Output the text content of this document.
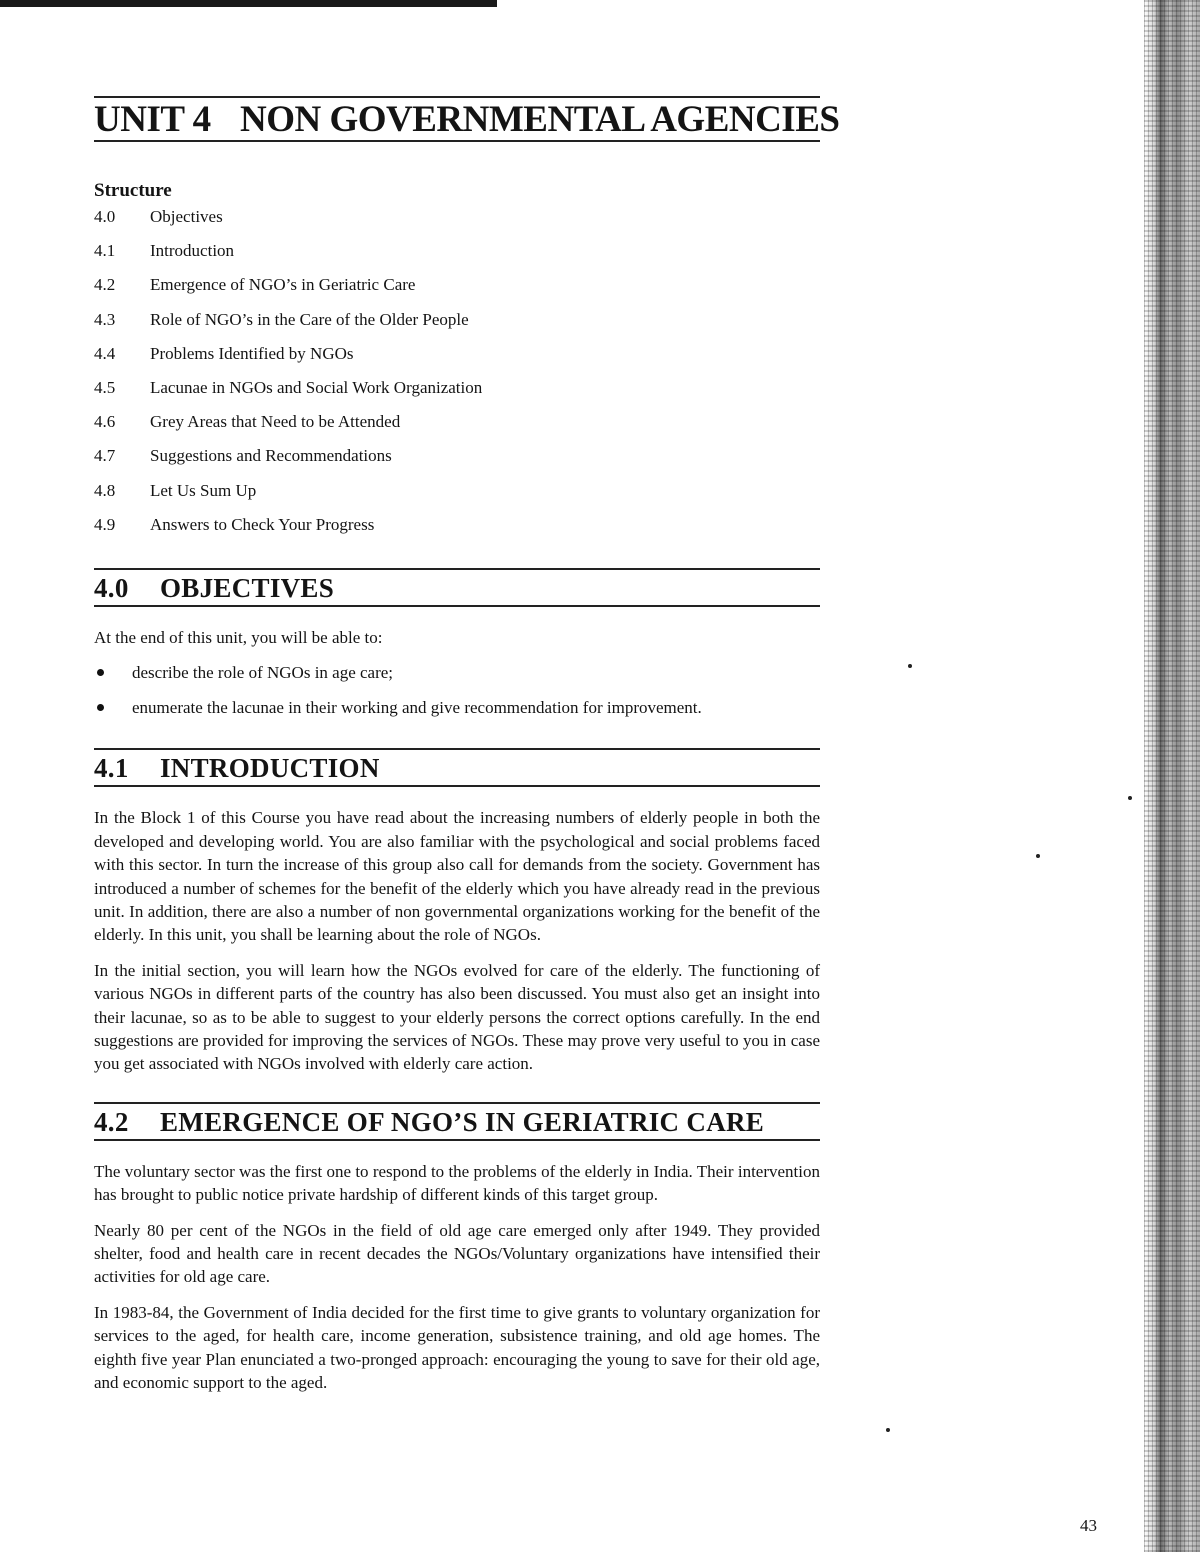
UNIT 4 NON GOVERNMENTAL AGENCIES
Structure
4.0 Objectives
4.1 Introduction
4.2 Emergence of NGO’s in Geriatric Care
4.3 Role of NGO’s in the Care of the Older People
4.4 Problems Identified by NGOs
4.5 Lacunae in NGOs and Social Work Organization
4.6 Grey Areas that Need to be Attended
4.7 Suggestions and Recommendations
4.8 Let Us Sum Up
4.9 Answers to Check Your Progress
4.0 OBJECTIVES

At the end of this unit, you will be able to:

describe the role of NGOs in age care;
enumerate the lacunae in their working and give recommendation for improvement.
4.1 INTRODUCTION

In the Block 1 of this Course you have read about the increasing numbers of elderly people in both the developed and developing world. You are also familiar with the psychological and social problems faced with this sector. In turn the increase of this group also call for demands from the society. Government has introduced a number of schemes for the benefit of the elderly which you have already read in the previous unit. In addition, there are also a number of non governmental organizations working for the benefit of the elderly. In this unit, you shall be learning about the role of NGOs.

In the initial section, you will learn how the NGOs evolved for care of the elderly. The functioning of various NGOs in different parts of the country has also been discussed. You must also get an insight into their lacunae, so as to be able to suggest to your elderly persons the correct options carefully. In the end suggestions are provided for improving the services of NGOs. These may prove very useful to you in case you get associated with NGOs involved with elderly care action.

4.2 EMERGENCE OF NGO’S IN GERIATRIC CARE

The voluntary sector was the first one to respond to the problems of the elderly in India. Their intervention has brought to public notice private hardship of different kinds of this target group.

Nearly 80 per cent of the NGOs in the field of old age care emerged only after 1949. They provided shelter, food and health care in recent decades the NGOs/Voluntary organizations have intensified their activities for old age care.

In 1983-84, the Government of India decided for the first time to give grants to voluntary organization for services to the aged, for health care, income generation, subsistence training, and old age homes. The eighth five year Plan enunciated a two-pronged approach: encouraging the young to save for their old age, and economic support to the aged.

43
